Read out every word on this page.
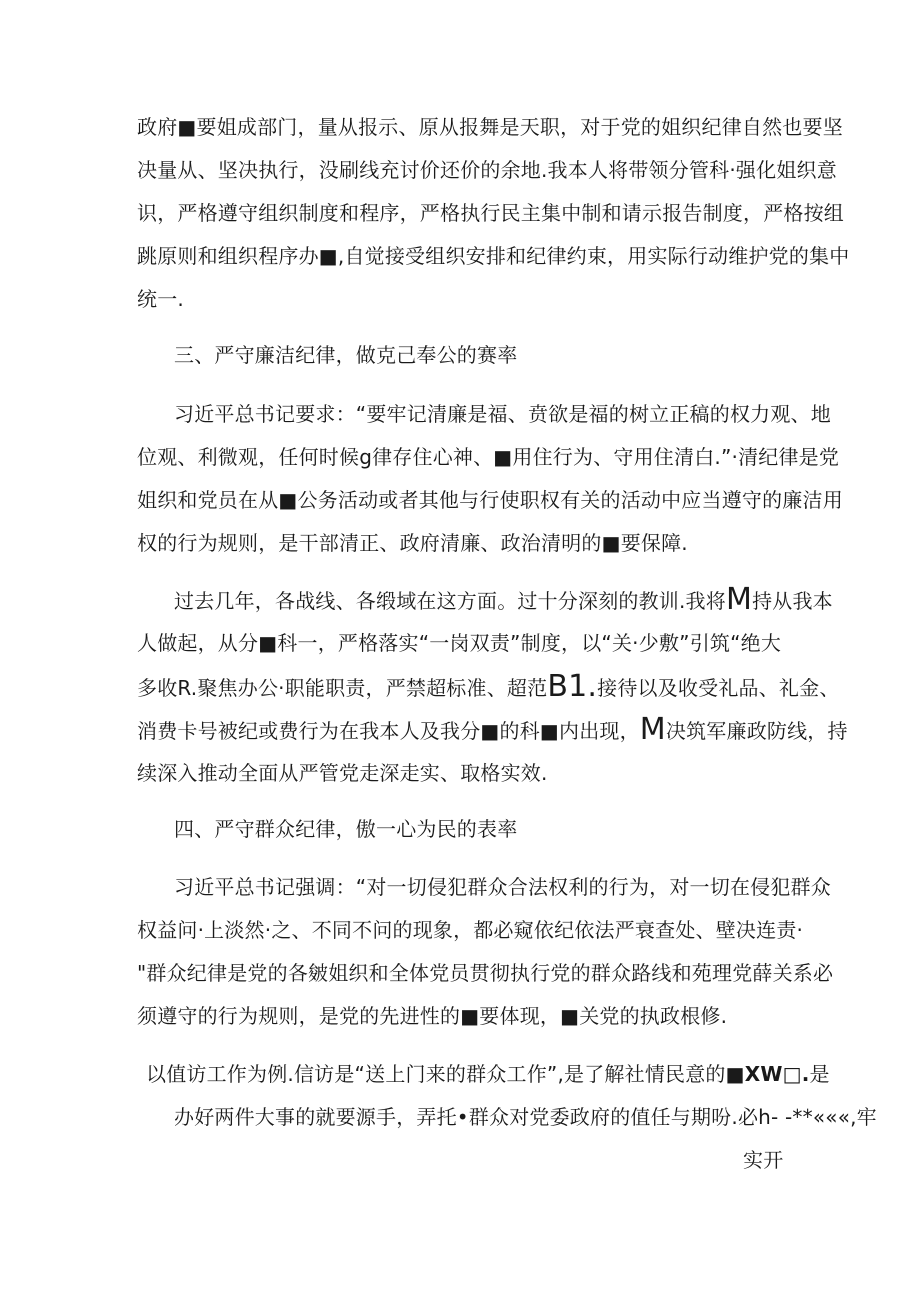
政府■要姐成部门，量从报示、原从报舞是天职，对于党的姐织纪律自然也要坚
决量从、坚决执行，没刷线充讨价还价的余地.我本人将带领分管科·强化姐织意
识，严格遵守组织制度和程序，严格执行民主集中制和请示报告制度，严格按组
跳原则和组织程序办■,自觉接受组织安排和纪律约束，用实际行动维护党的集中
统一.
三、严守廉洁纪律，做克己奉公的赛率
习近平总书记要求：“要牢记清廉是福、贲欲是福的树立正稿的权力观、地
位观、利微观，任何时候g律存住心神、■用住行为、守用住清白.”·清纪律是党
姐织和党员在从■公务活动或者其他与行使职权有关的活动中应当遵守的廉洁用
权的行为规则，是干部清正、政府清廉、政治清明的■要保障.
过去几年，各战线、各缎域在这方面。过十分深刻的教训.我将M持从我本
人做起，从分■科一，严格落实“一岗双责”制度，以“关·少敷”引筑“绝大
多收R.聚焦办公·职能职责，严禁超标准、超范B1.接待以及收受礼品、礼金、
消费卡号被纪或费行为在我本人及我分■的科■内出现，M决筑军廉政防线，持
续深入推动全面从严管党走深走实、取格实效.
四、严守群众纪律，傲一心为民的表率
习近平总书记强调：“对一切侵犯群众合法权利的行为，对一切在侵犯群众
权益问·上淡然·之、不同不问的现象，都必窥依纪依法严衰查处、壁决连责·
"群众纪律是党的各皴姐织和全体党员贯彻执行党的群众路线和苑理党薛关系必
须遵守的行为规则，是党的先进性的■要体现，■关党的执政根修.
以值访工作为例.信访是“送上门来的群众工作”,是了解社情民意的■XW□.是
办好两件大事的就要源手，弄托•群众对党委政府的值任与期吩.必h- -**«««,牢
实开
